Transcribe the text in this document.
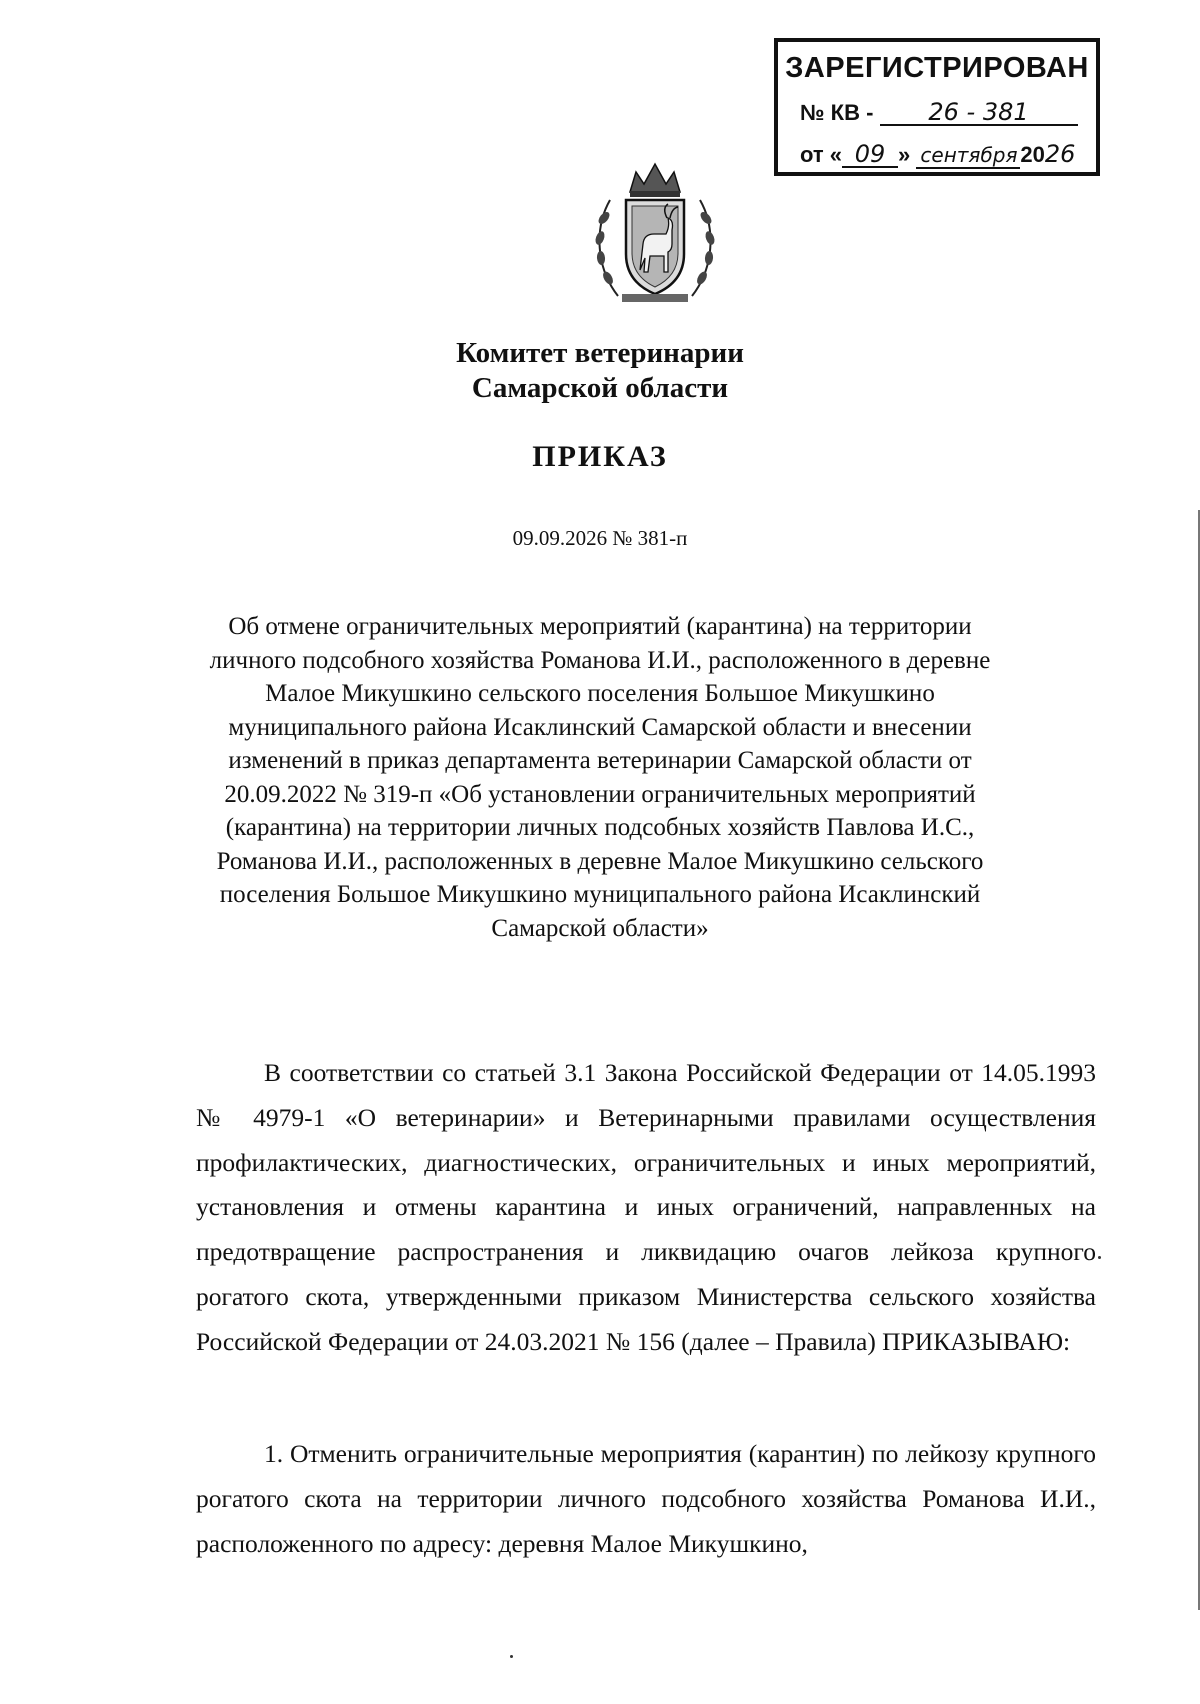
ЗАРЕГИСТРИРОВАН
№ КВ - 26 - 381
от « 09 » сентября 2026
Комитет ветеринарии
Самарской области
ПРИКАЗ
09.09.2026 № 381-п
Об отмене ограничительных мероприятий (карантина) на территории
личного подсобного хозяйства Романова И.И., расположенного в деревне
Малое Микушкино сельского поселения Большое Микушкино
муниципального района Исаклинский Самарской области и внесении
изменений в приказ департамента ветеринарии Самарской области от
20.09.2022 № 319-п «Об установлении ограничительных мероприятий
(карантина) на территории личных подсобных хозяйств Павлова И.С.,
Романова И.И., расположенных в деревне Малое Микушкино сельского
поселения Большое Микушкино муниципального района Исаклинский
Самарской области»

В соответствии со статьей 3.1 Закона Российской Федерации от 14.05.1993 № 4979-1 «О ветеринарии» и Ветеринарными правилами осуществления профилактических, диагностических, ограничительных и иных мероприятий, установления и отмены карантина и иных ограничений, направленных на предотвращение распространения и ликвидацию очагов лейкоза крупного рогатого скота, утвержденными приказом Министерства сельского хозяйства Российской Федерации от 24.03.2021 № 156 (далее – Правила) ПРИКАЗЫВАЮ:

1. Отменить ограничительные мероприятия (карантин) по лейкозу крупного рогатого скота на территории личного подсобного хозяйства Романова И.И., расположенного по адресу: деревня Малое Микушкино,
